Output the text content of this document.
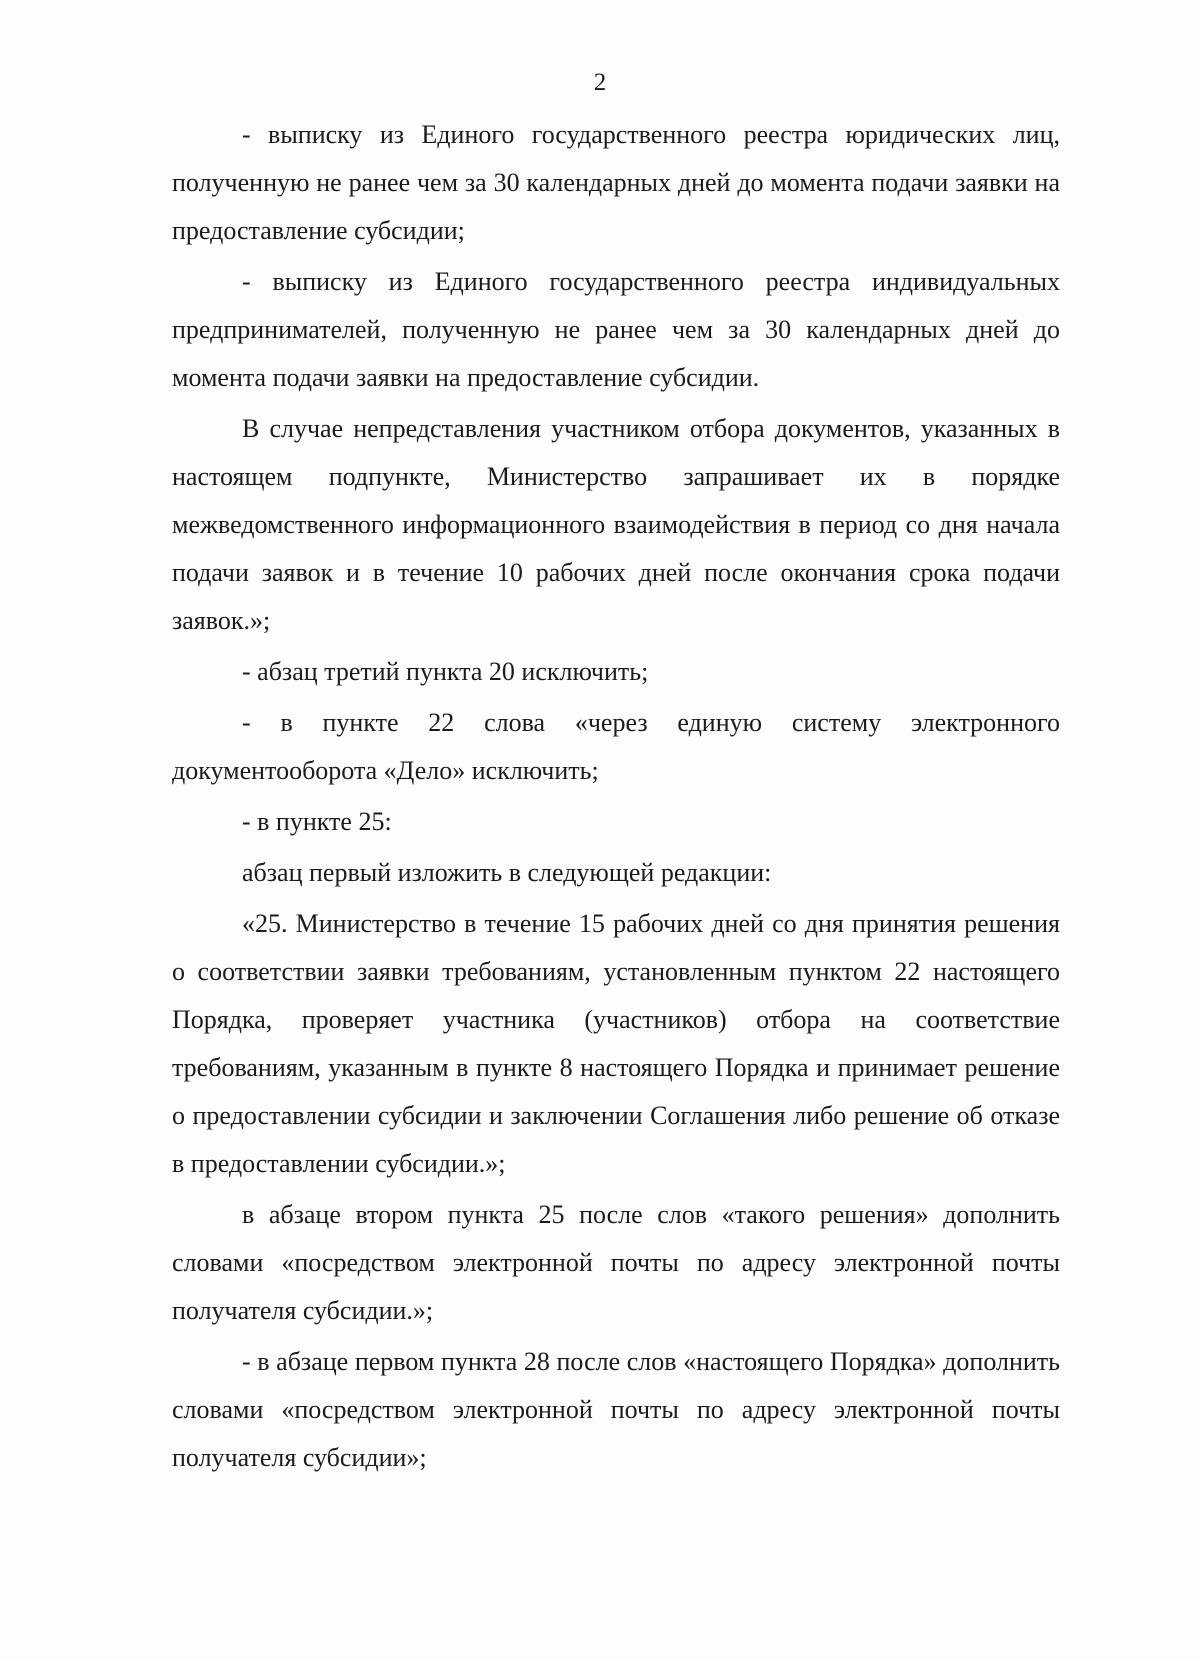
2

- выписку из Единого государственного реестра юридических лиц, полученную не ранее чем за 30 календарных дней до момента подачи заявки на предоставление субсидии;

- выписку из Единого государственного реестра индивидуальных предпринимателей, полученную не ранее чем за 30 календарных дней до момента подачи заявки на предоставление субсидии.

В случае непредставления участником отбора документов, указанных в настоящем подпункте, Министерство запрашивает их в порядке межведомственного информационного взаимодействия в период со дня начала подачи заявок и в течение 10 рабочих дней после окончания срока подачи заявок.»;

- абзац третий пункта 20 исключить;

- в пункте 22 слова «через единую систему электронного документооборота «Дело» исключить;

- в пункте 25:

абзац первый изложить в следующей редакции:

«25. Министерство в течение 15 рабочих дней со дня принятия решения о соответствии заявки требованиям, установленным пунктом 22 настоящего Порядка, проверяет участника (участников) отбора на соответствие требованиям, указанным в пункте 8 настоящего Порядка и принимает решение о предоставлении субсидии и заключении Соглашения либо решение об отказе в предоставлении субсидии.»;

в абзаце втором пункта 25 после слов «такого решения» дополнить словами «посредством электронной почты по адресу электронной почты получателя субсидии.»;

- в абзаце первом пункта 28 после слов «настоящего Порядка» дополнить словами «посредством электронной почты по адресу электронной почты получателя субсидии»;
